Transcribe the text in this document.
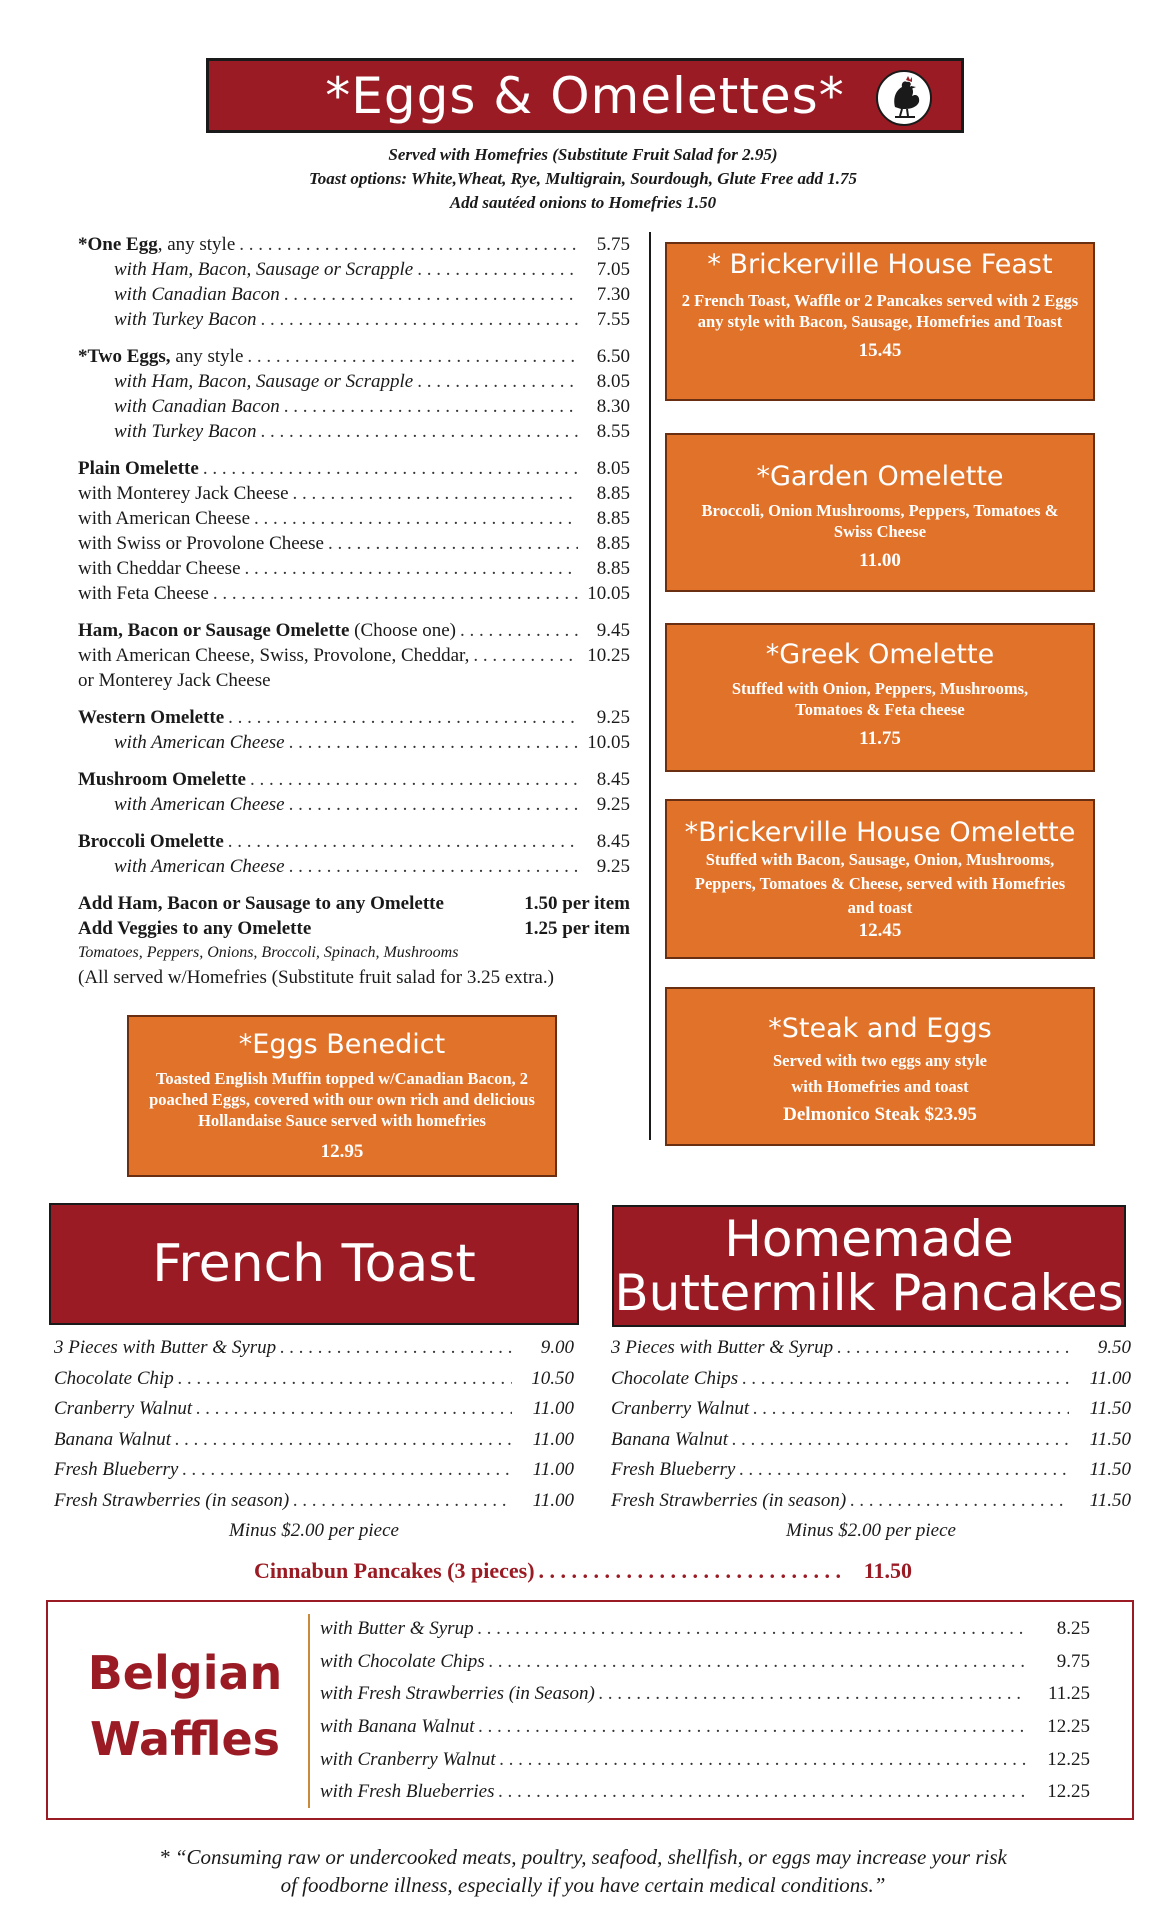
*Eggs & Omelettes*
Served with Homefries (Substitute Fruit Salad for 2.95)
Toast options: White,Wheat, Rye, Multigrain, Sourdough, Glute Free add 1.75
Add sautéed onions to Homefries 1.50
*One Egg, any style . . .	5.75
with Ham, Bacon, Sausage or Scrapple . . .	7.05
with Canadian Bacon . . .	7.30
with Turkey Bacon . . .	7.55
*Two Eggs, any style . . .	6.50
with Ham, Bacon, Sausage or Scrapple . . .	8.05
with Canadian Bacon . . .	8.30
with Turkey Bacon . . .	8.55
Plain Omelette . . .	8.05
with Monterey Jack Cheese . . .	8.85
with American Cheese . . .	8.85
with Swiss or Provolone Cheese . . .	8.85
with Cheddar Cheese . . .	8.85
with Feta Cheese . . .	10.05
Ham, Bacon or Sausage Omelette (Choose one) . . .	9.45
with American Cheese, Swiss, Provolone, Cheddar, . . .	10.25
or Monterey Jack Cheese
Western Omelette . . .	9.25
with American Cheese . . .	10.05
Mushroom Omelette . . .	8.45
with American Cheese . . .	9.25
Broccoli Omelette . . .	8.45
with American Cheese . . .	9.25
Add Ham, Bacon or Sausage to any Omelette	1.50 per item
Add Veggies to any Omelette	1.25 per item
Tomatoes, Peppers, Onions, Broccoli, Spinach, Mushrooms
(All served w/Homefries (Substitute fruit salad for 3.25 extra.)
*Eggs Benedict
Toasted English Muffin topped w/Canadian Bacon, 2 poached Eggs, covered with our own rich and delicious Hollandaise Sauce served with homefries
12.95
* Brickerville House Feast
2 French Toast, Waffle or 2 Pancakes served with 2 Eggs any style with Bacon, Sausage, Homefries and Toast
15.45
*Garden Omelette
Broccoli, Onion Mushrooms, Peppers, Tomatoes & Swiss Cheese
11.00
*Greek Omelette
Stuffed with Onion, Peppers, Mushrooms, Tomatoes & Feta cheese
11.75
*Brickerville House Omelette
Stuffed with Bacon, Sausage, Onion, Mushrooms, Peppers, Tomatoes & Cheese, served with Homefries and toast
12.45
*Steak and Eggs
Served with two eggs any style
with Homefries and toast
Delmonico Steak $23.95
French Toast
3 Pieces with Butter & Syrup . . .	9.00
Chocolate Chip . . .	10.50
Cranberry Walnut . . .	11.00
Banana Walnut . . .	11.00
Fresh Blueberry . . .	11.00
Fresh Strawberries (in season) . . .	11.00
Minus $2.00 per piece
Homemade
Buttermilk Pancakes
3 Pieces with Butter & Syrup . . .	9.50
Chocolate Chips . . .	11.00
Cranberry Walnut . . .	11.50
Banana Walnut . . .	11.50
Fresh Blueberry . . .	11.50
Fresh Strawberries (in season) . . .	11.50
Minus $2.00 per piece
Cinnabun Pancakes (3 pieces) . . .	11.50
Belgian
Waffles
with Butter & Syrup . . .	8.25
with Chocolate Chips . . .	9.75
with Fresh Strawberries (in Season) . . .	11.25
with Banana Walnut . . .	12.25
with Cranberry Walnut . . .	12.25
with Fresh Blueberries . . .	12.25
* “Consuming raw or undercooked meats, poultry, seafood, shellfish, or eggs may increase your risk
of foodborne illness, especially if you have certain medical conditions.”
